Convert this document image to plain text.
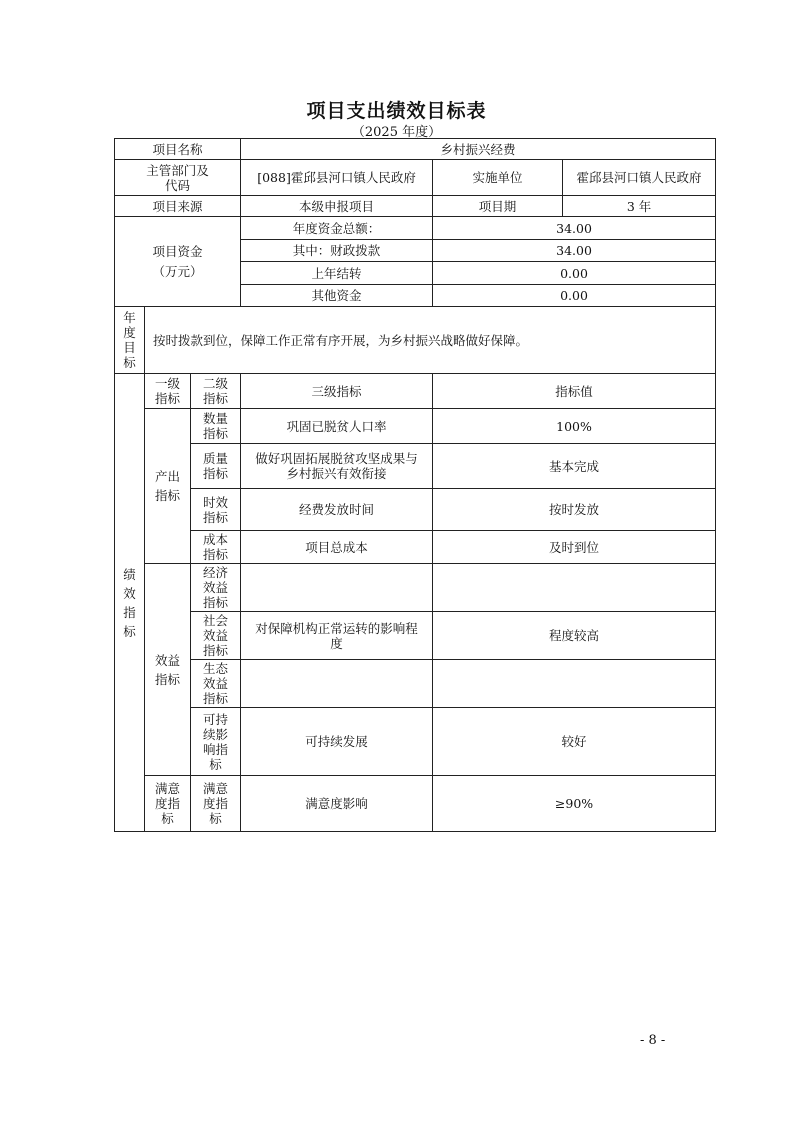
项目支出绩效目标表
（2025 年度）
项目名称			乡村振兴经费		

主管部门及代码			[088]霍邱县河口镇人民政府	实施单位	霍邱县河口镇人民政府
项目来源			本级申报项目	项目期	3 年

项目资金（万元）			年度资金总额：	34.00	
			其中：财政拨款	34.00	
			上年结转	0.00	
			其他资金	0.00	

年度目标	按时拨款到位，保障工作正常有序开展，为乡村振兴战略做好保障。				

绩效指标	一级指标	二级指标	三级指标	指标值	

	产出指标	数量指标	巩固已脱贫人口率	100%	

		质量指标	做好巩固拓展脱贫攻坚成果与乡村振兴有效衔接	基本完成	

		时效指标	经费发放时间	按时发放	

		成本指标	项目总成本	及时到位	

	效益指标	经济效益指标			

		社会效益指标	对保障机构正常运转的影响程度	程度较高	

		生态效益指标			

		可持续影响指标	可持续发展	较好	

	满意度指标	满意度指标	满意度影响	≥90%	
- 8 -
